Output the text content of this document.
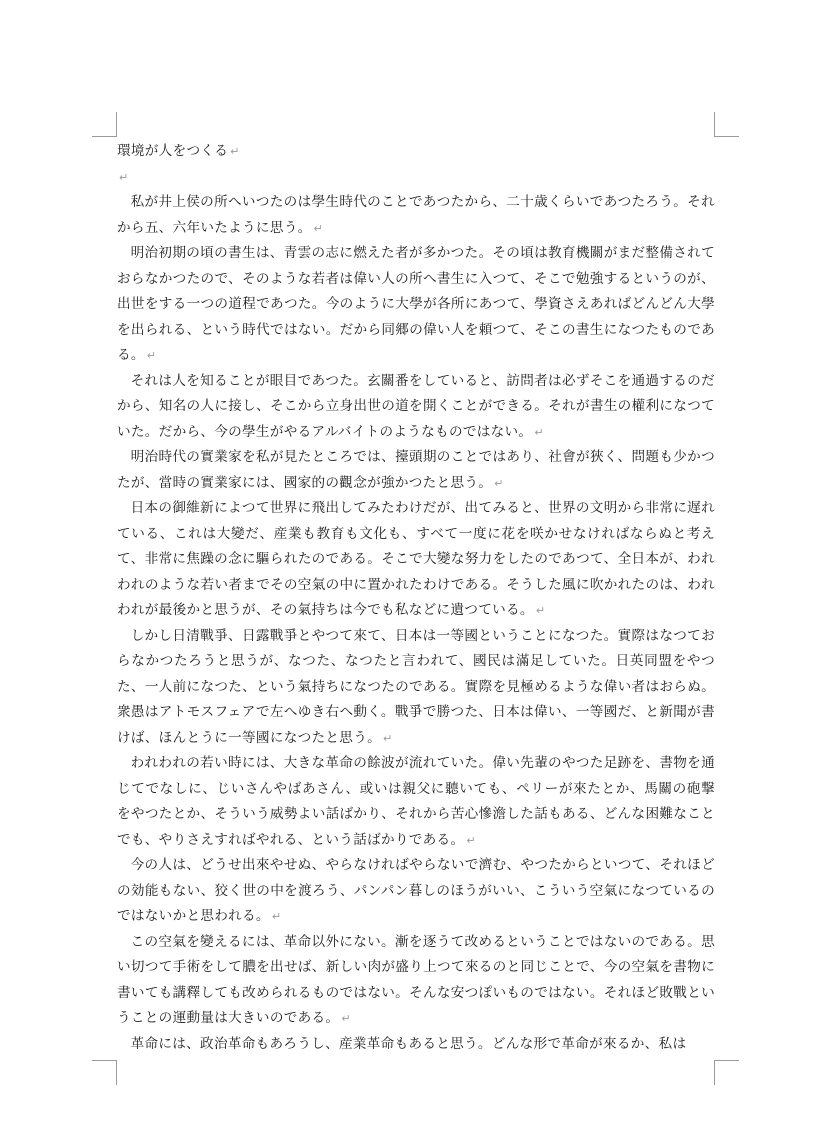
環境が人をつくる ↵

↵

私が井上侯の所へいつたのは學生時代のことであつたから、二十歳くらいであつたろう。それから五、六年いたように思う。 ↵

明治初期の頃の書生は、青雲の志に燃えた者が多かつた。その頃は教育機關がまだ整備されておらなかつたので、そのような若者は偉い人の所へ書生に入つて、そこで勉強するというのが、出世をする一つの道程であつた。今のように大學が各所にあつて、學資さえあればどんどん大學を出られる、という時代ではない。だから同郷の偉い人を頼つて、そこの書生になつたものである。 ↵

それは人を知ることが眼目であつた。玄關番をしていると、訪問者は必ずそこを通過するのだから、知名の人に接し、そこから立身出世の道を開くことができる。それが書生の權利になつていた。だから、今の學生がやるアルバイトのようなものではない。 ↵

明治時代の實業家を私が見たところでは、擡頭期のことではあり、社會が狹く、問題も少かつたが、當時の實業家には、國家的の觀念が強かつたと思う。 ↵

日本の御維新によつて世界に飛出してみたわけだが、出てみると、世界の文明から非常に遅れている、これは大變だ、産業も教育も文化も、すべて一度に花を咲かせなければならぬと考えて、非常に焦躁の念に驅られたのである。そこで大變な努力をしたのであつて、全日本が、われわれのような若い者までその空氣の中に置かれたわけである。そうした風に吹かれたのは、われわれが最後かと思うが、その氣持ちは今でも私などに遺つている。 ↵

しかし日清戰爭、日露戰爭とやつて來て、日本は一等國ということになつた。實際はなつておらなかつたろうと思うが、なつた、なつたと言われて、國民は滿足していた。日英同盟をやつた、一人前になつた、という氣持ちになつたのである。實際を見極めるような偉い者はおらぬ。衆愚はアトモスフェアで左へゆき右へ動く。戰爭で勝つた、日本は偉い、一等國だ、と新聞が書けば、ほんとうに一等國になつたと思う。 ↵

われわれの若い時には、大きな革命の餘波が流れていた。偉い先輩のやつた足跡を、書物を通じてでなしに、じいさんやばあさん、或いは親父に聽いても、ペリーが來たとか、馬關の砲撃をやつたとか、そういう威勢よい話ばかり、それから苦心慘澹した話もある、どんな困難なことでも、やりさえすればやれる、という話ばかりである。 ↵

今の人は、どうせ出來やせぬ、やらなければやらないで濟む、やつたからといつて、それほどの効能もない、狡く世の中を渡ろう、パンパン暮しのほうがいい、こういう空氣になつているのではないかと思われる。 ↵

この空氣を變えるには、革命以外にない。漸を逐うて改めるということではないのである。思い切つて手術をして膿を出せば、新しい肉が盛り上つて來るのと同じことで、今の空氣を書物に書いても講釋しても改められるものではない。そんな安つぽいものではない。それほど敗戰ということの運動量は大きいのである。 ↵

革命には、政治革命もあろうし、産業革命もあると思う。どんな形で革命が來るか、私は
